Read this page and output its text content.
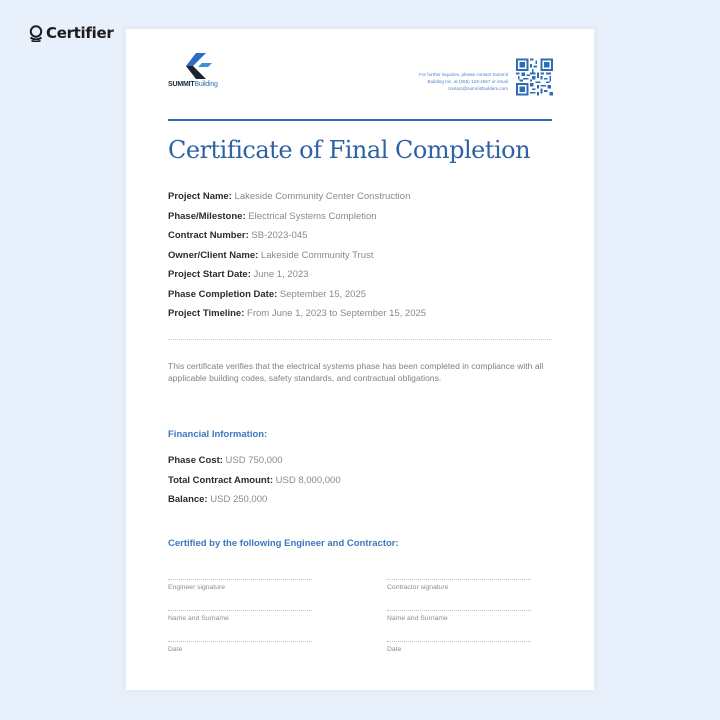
Certifier
SUMMITBuilding
For further inquiries, please contact Summit
Building Inc. at (555) 123-4567 or email
contact@summitbuilders.com
Certificate of Final Completion
Project Name: Lakeside Community Center Construction
Phase/Milestone: Electrical Systems Completion
Contract Number: SB-2023-045
Owner/Client Name: Lakeside Community Trust
Project Start Date: June 1, 2023
Phase Completion Date: September 15, 2025
Project Timeline: From June 1, 2023 to September 15, 2025
This certificate verifies that the electrical systems phase has been completed in compliance with all applicable building codes, safety standards, and contractual obligations.
Financial Information:
Phase Cost: USD 750,000
Total Contract Amount: USD 8,000,000
Balance: USD 250,000
Certified by the following Engineer and Contractor:
Engineer signature	Contractor signature
Name and Surname	Name and Surname
Date	Date
